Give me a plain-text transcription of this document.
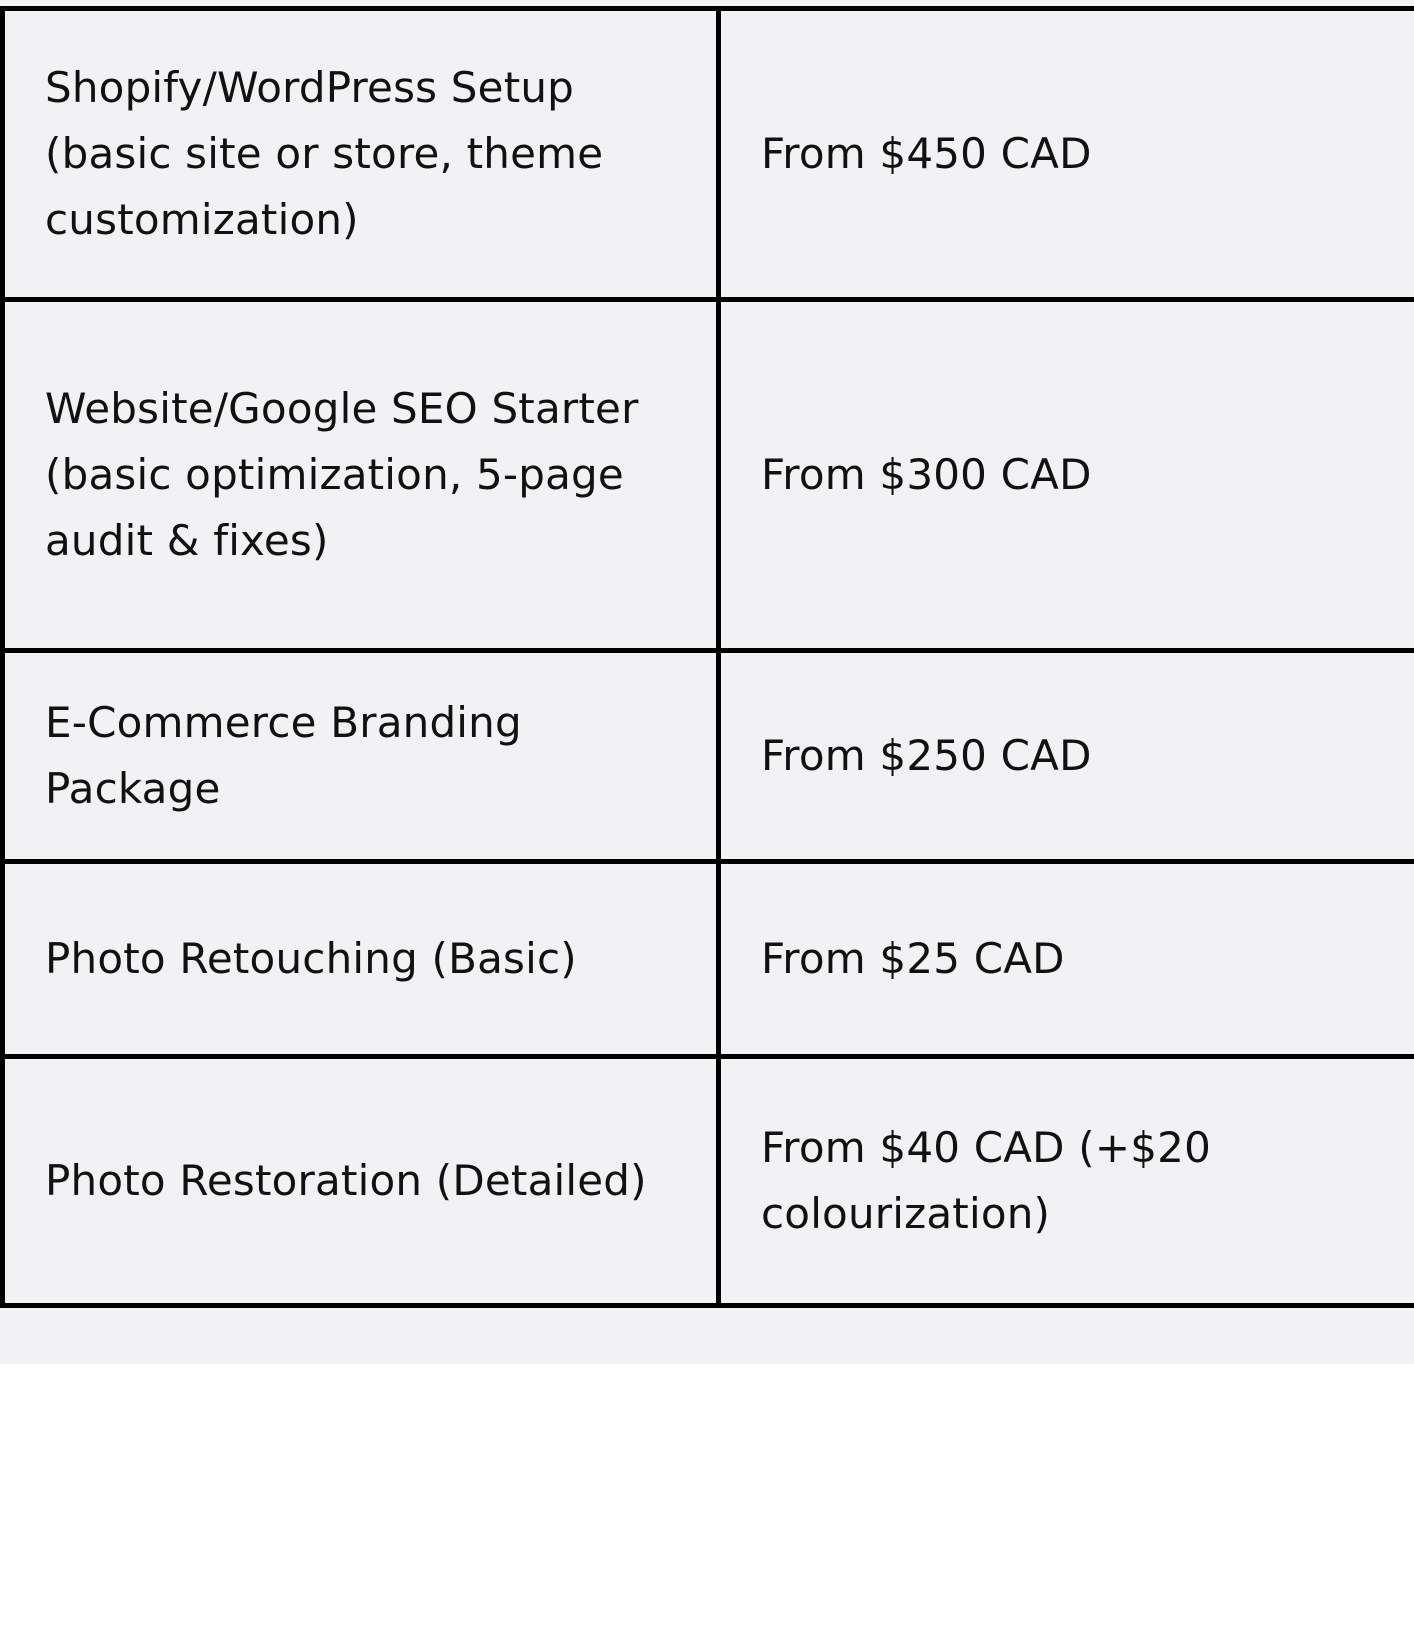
Shopify/WordPress Setup (basic site or store, theme customization)	From $450 CAD
Website/Google SEO Starter (basic optimization, 5-page audit & fixes)	From $300 CAD
E-Commerce Branding Package	From $250 CAD
Photo Retouching (Basic)	From $25 CAD
Photo Restoration (Detailed)	From $40 CAD (+$20 colourization)
